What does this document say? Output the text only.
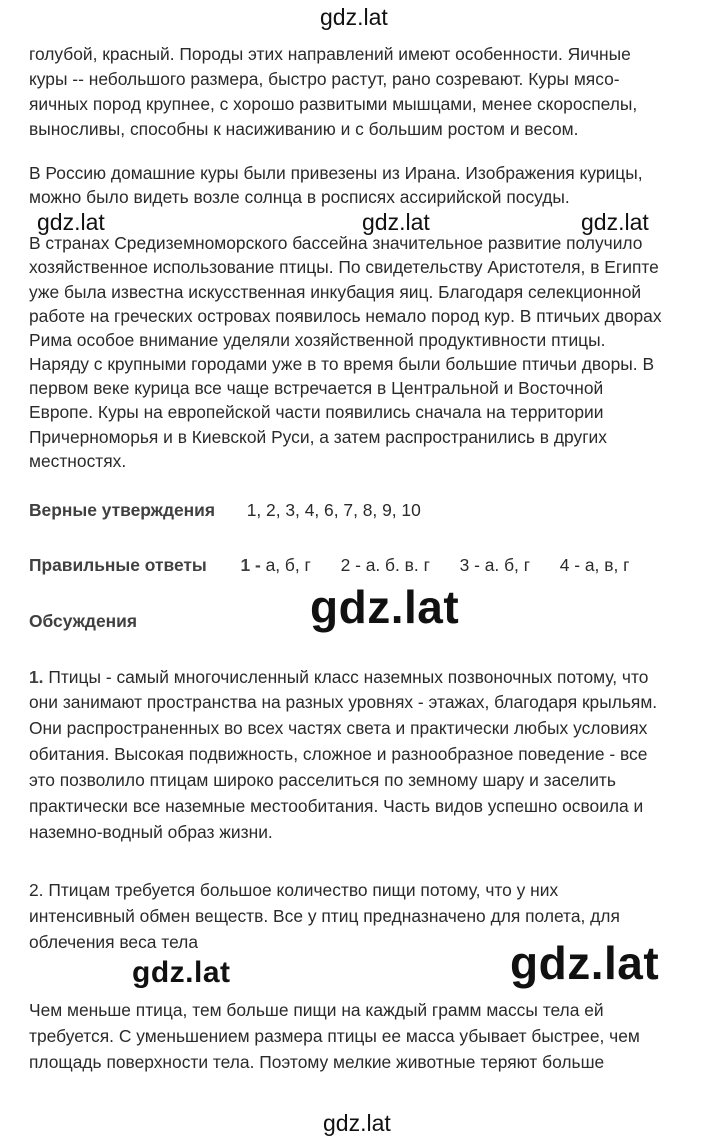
gdz.lat
голубой, красный. Породы этих направлений имеют особенности. Яичные
куры -- небольшого размера, быстро растут, рано созревают. Куры мясо-
яичных пород крупнее, с хорошо развитыми мышцами, менее скороспелы,
выносливы, способны к насиживанию и с большим ростом и весом.
В Россию домашние куры были привезены из Ирана. Изображения курицы,
можно было видеть возле солнца в росписях ассирийской посуды.
gdz.lat	gdz.lat	gdz.lat
В странах Средиземноморского бассейна значительное развитие получило
хозяйственное использование птицы. По свидетельству Аристотеля, в Египте
уже была известна искусственная инкубация яиц. Благодаря селекционной
работе на греческих островах появилось немало пород кур. В птичьих дворах
Рима особое внимание уделяли хозяйственной продуктивности птицы.
Наряду с крупными городами уже в то время были большие птичьи дворы. В
первом веке курица все чаще встречается в Центральной и Восточной
Европе. Куры на европейской части появились сначала на территории
Причерноморья и в Киевской Руси, а затем распространились в других
местностях.
Верные утверждения 1, 2, 3, 4, 6, 7, 8, 9, 10
Правильные ответы 1 - а, б, г 2 - а. б. в. г 3 - а. б, г 4 - а, в, г
Обсуждения	gdz.lat
1. Птицы - самый многочисленный класс наземных позвоночных потому, что
они занимают пространства на разных уровнях - этажах, благодаря крыльям.
Они распространенных во всех частях света и практически любых условиях
обитания. Высокая подвижность, сложное и разнообразное поведение - все
это позволило птицам широко расселиться по земному шару и заселить
практически все наземные местообитания. Часть видов успешно освоила и
наземно-водный образ жизни.
2. Птицам требуется большое количество пищи потому, что у них
интенсивный обмен веществ. Все у птиц предназначено для полета, для
облечения веса тела
gdz.lat	gdz.lat
Чем меньше птица, тем больше пищи на каждый грамм массы тела ей
требуется. С уменьшением размера птицы ее масса убывает быстрее, чем
площадь поверхности тела. Поэтому мелкие животные теряют больше
gdz.lat
